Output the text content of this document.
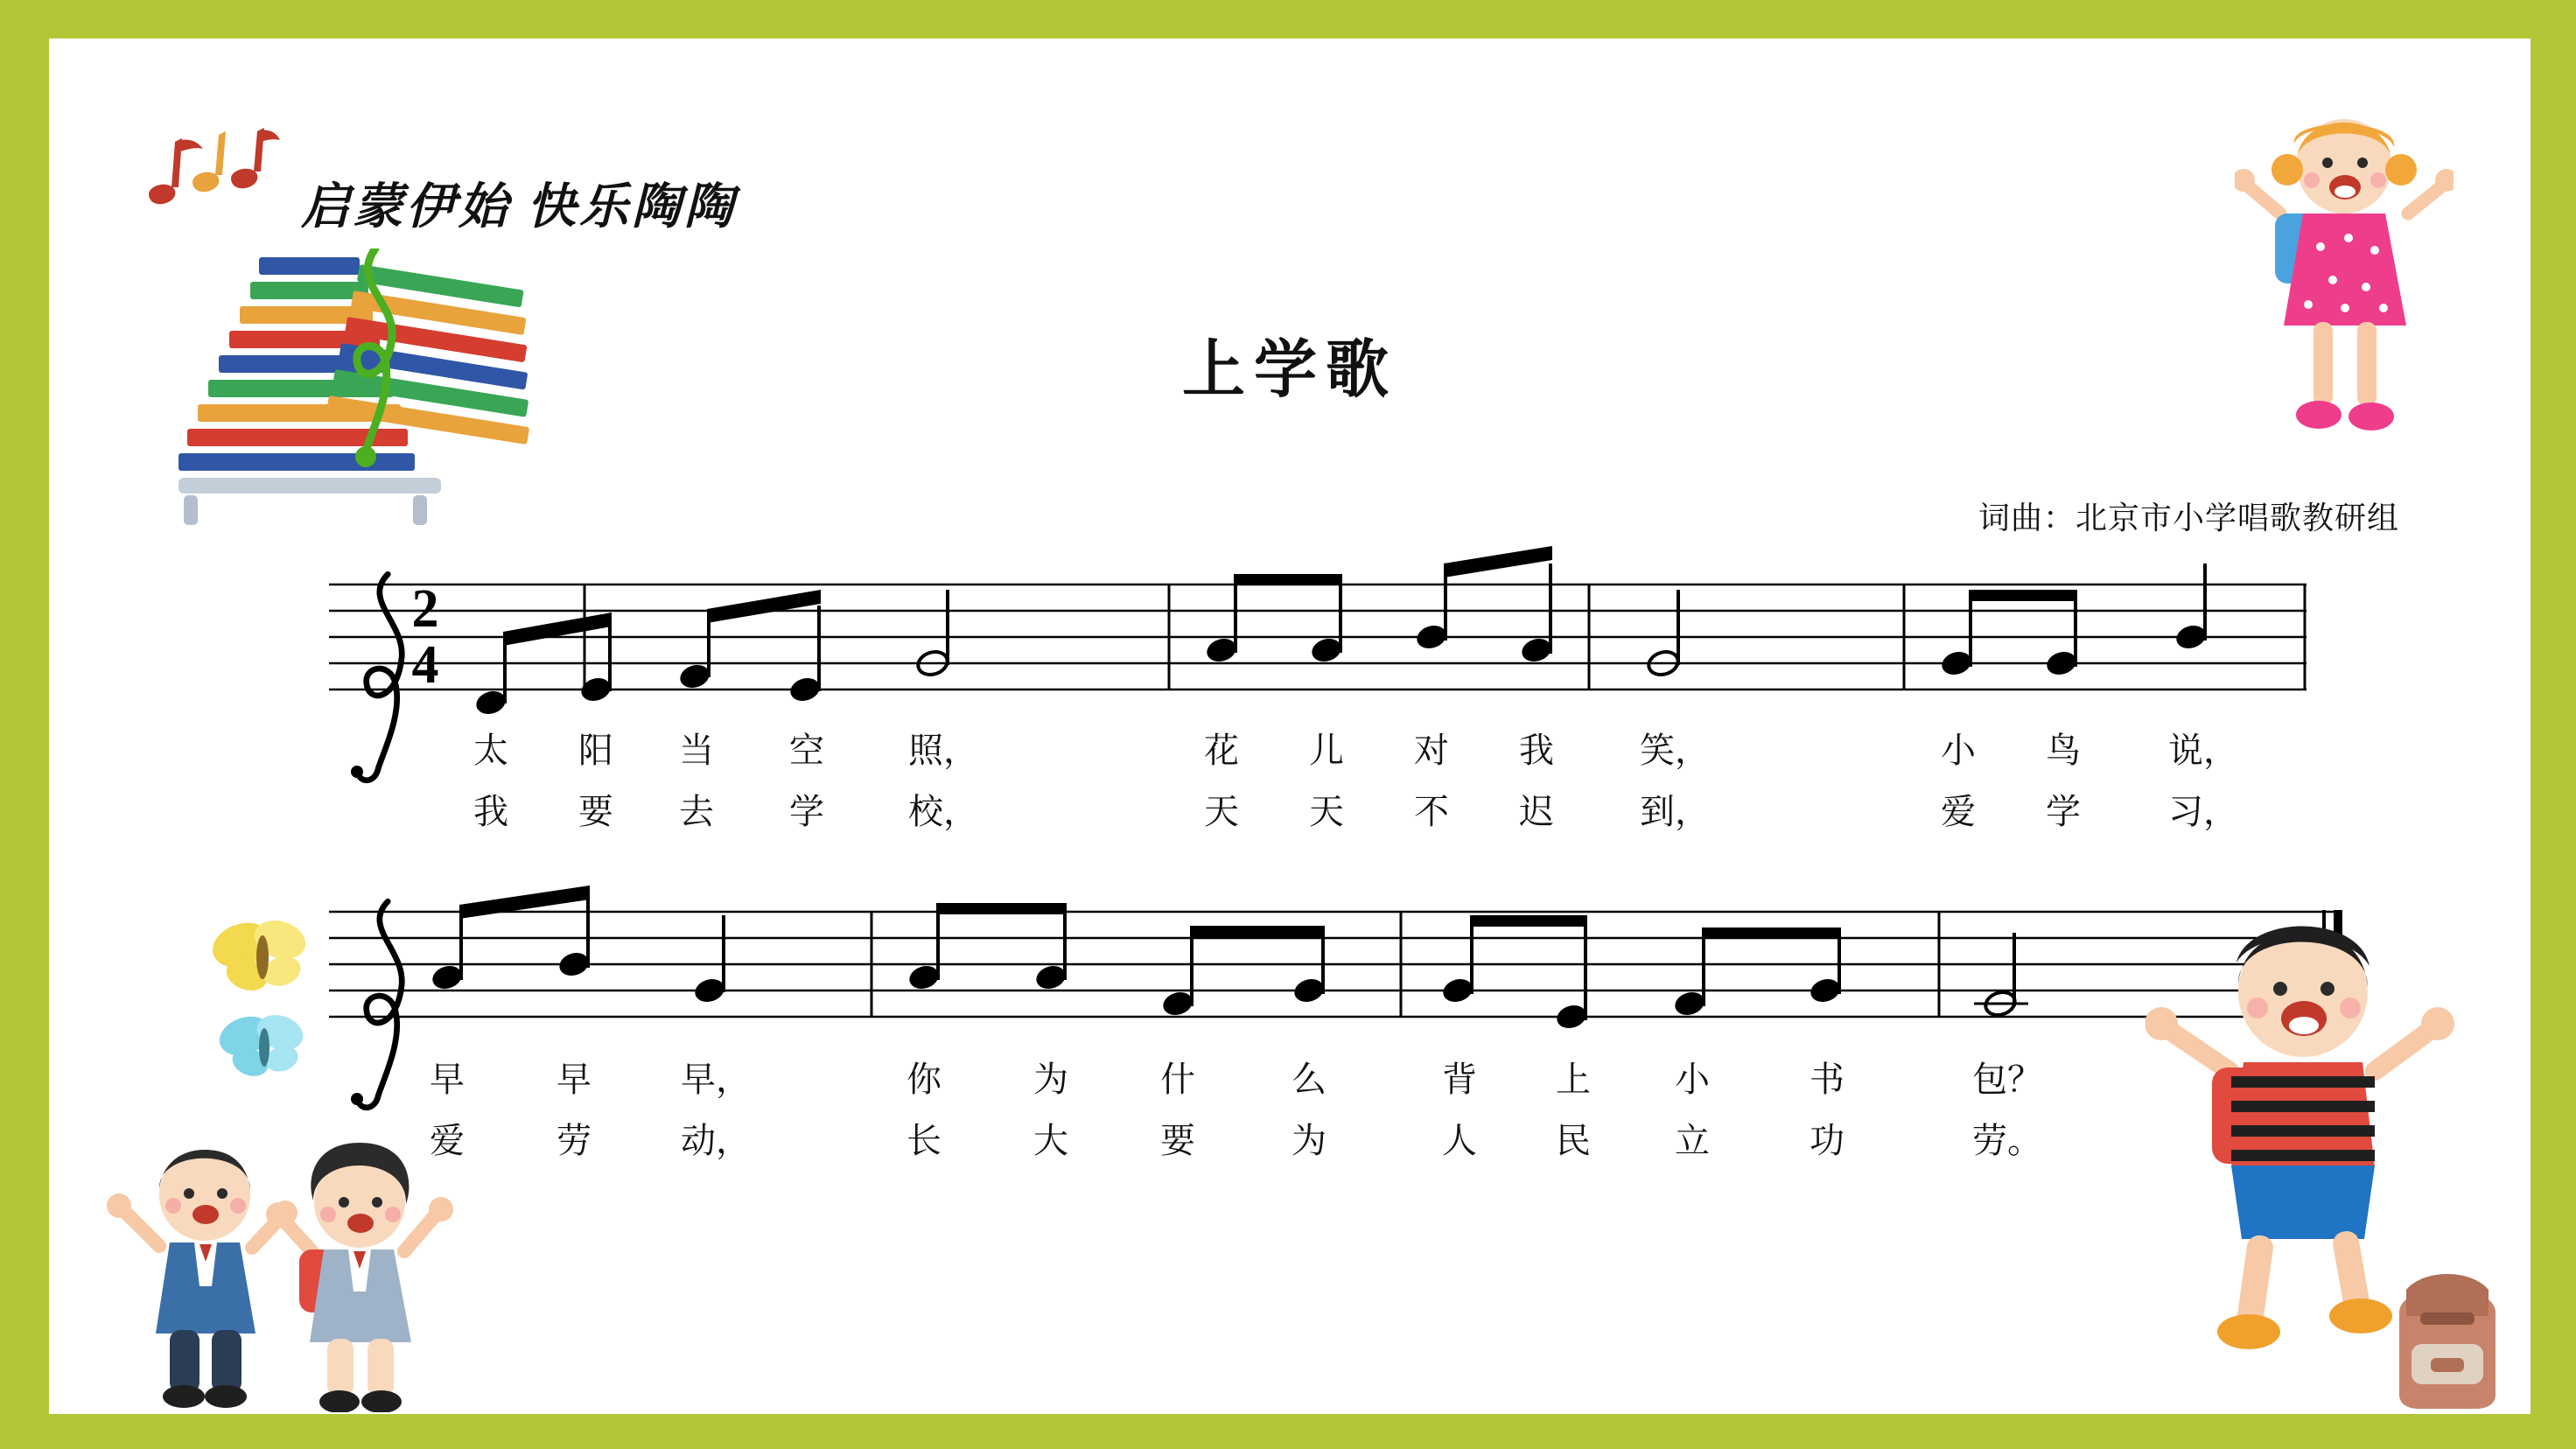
启蒙伊始 快乐陶陶
上学歌
词曲：北京市小学唱歌教研组
2
4
太 阳 当 空 照，	花 儿 对 我 笑，	小 鸟	说，
我 要 去 学 校，	天 天 不 迟 到，	爱 学	习，
早	早	早，	你	为	什	么	背 上 小	书	包？
爱	劳	动，	长	大	要	为	人 民 立	功	劳。
